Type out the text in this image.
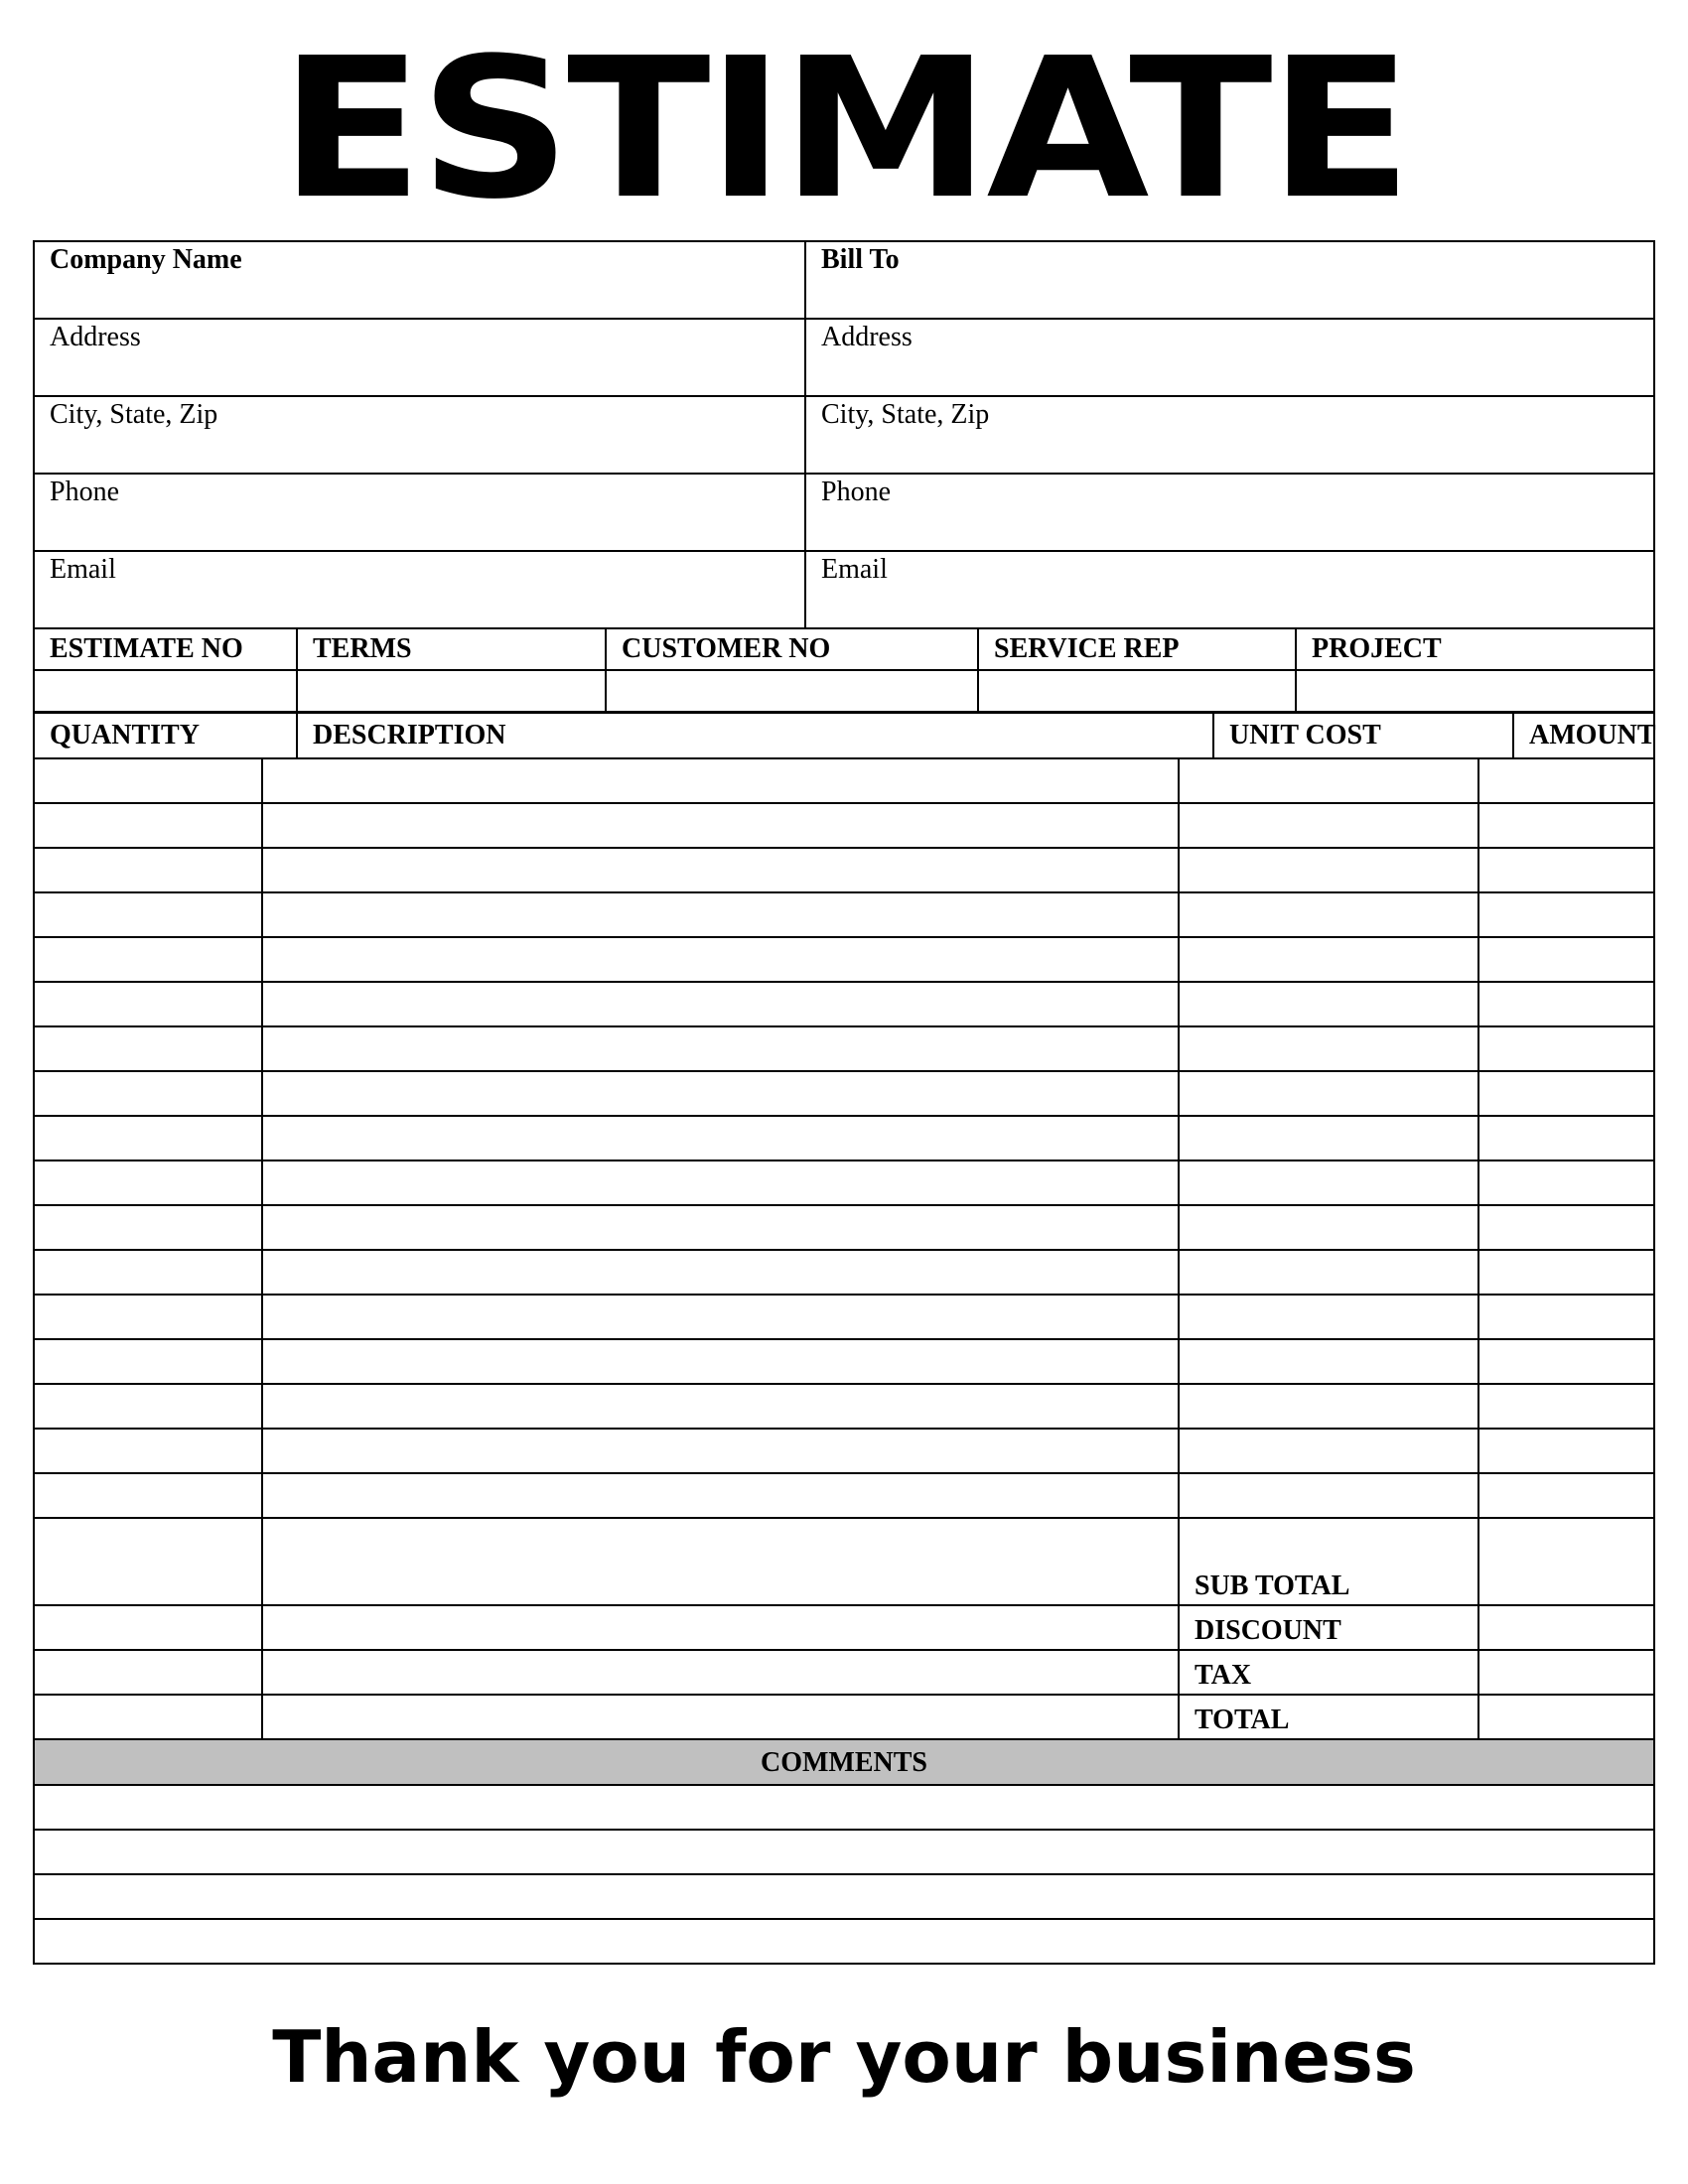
ESTIMATE
Company Name	Bill To
Address	Address
City, State, Zip	City, State, Zip
Phone	Phone
Email	Email
ESTIMATE NO	TERMS	CUSTOMER NO	SERVICE REP	PROJECT
QUANTITY	DESCRIPTION	UNIT COST	AMOUNT
SUB TOTAL
DISCOUNT
TAX
TOTAL
COMMENTS
Thank you for your business
